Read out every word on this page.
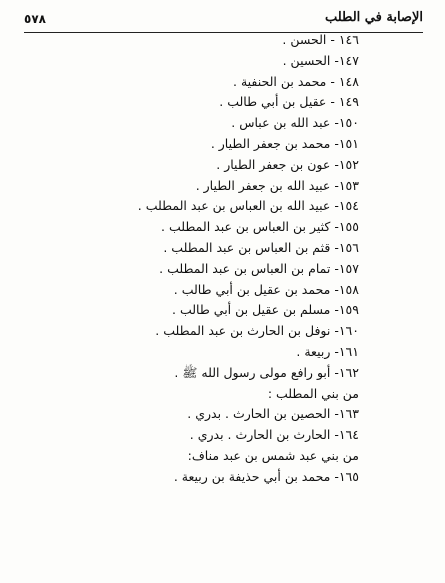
٥٧٨	الإصابة في الطلب
١٤٦ - الحسن .
١٤٧- الحسين .
١٤٨ - محمد بن الحنفية .
١٤٩ - عقيل بن أبي طالب .
١٥٠- عبد الله بن عباس .
١٥١- محمد بن جعفر الطيار .
١٥٢- عون بن جعفر الطيار .
١٥٣- عبيد الله بن جعفر الطيار .
١٥٤- عبيد الله بن العباس بن عبد المطلب .
١٥٥- كثير بن العباس بن عبد المطلب .
١٥٦- قثم بن العباس بن عبد المطلب .
١٥٧- تمام بن العباس بن عبد المطلب .
١٥٨- محمد بن عقيل بن أبي طالب .
١٥٩- مسلم بن عقيل بن أبي طالب .
١٦٠- نوفل بن الحارث بن عبد المطلب .
١٦١- ربيعة .
١٦٢- أبو رافع مولى رسول الله ﷺ .
من بني المطلب :
١٦٣- الحصين بن الحارث . بدري .
١٦٤- الحارث بن الحارث . بدري .
من بني عبد شمس بن عبد مناف:
١٦٥- محمد بن أبي حذيفة بن ربيعة .
